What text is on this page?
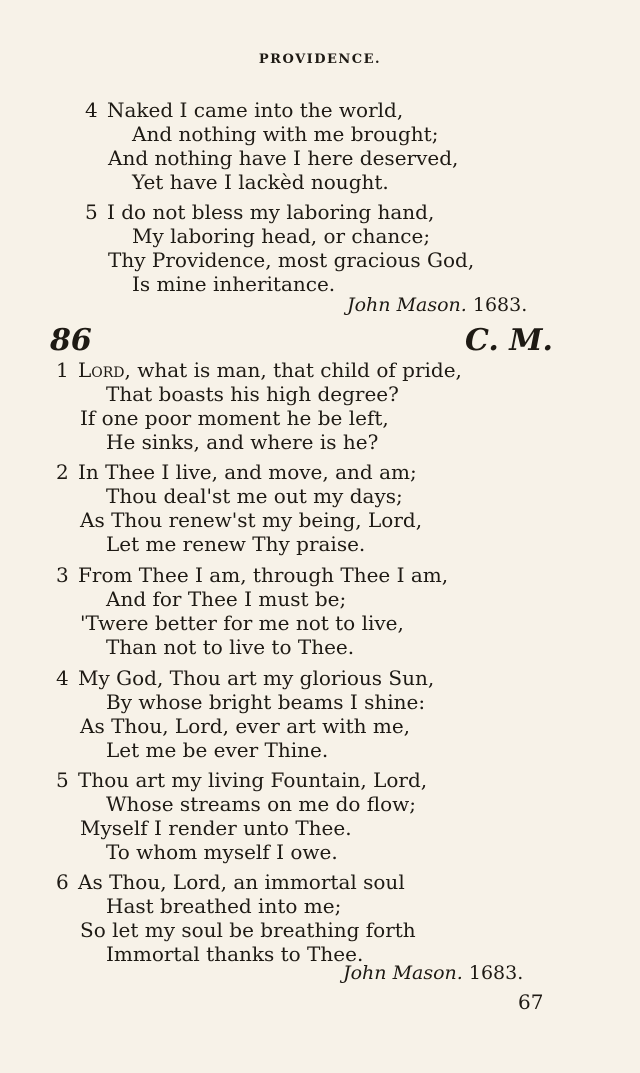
PROVIDENCE.
4 Naked I came into the world,
And nothing with me brought;
And nothing have I here deserved,
Yet have I lackèd nought.
5 I do not bless my laboring hand,
My laboring head, or chance;
Thy Providence, most gracious God,
Is mine inheritance.
John Mason. 1683.
86	C. M.
1 Lord, what is man, that child of pride,
That boasts his high degree?
If one poor moment he be left,
He sinks, and where is he?
2 In Thee I live, and move, and am;
Thou deal'st me out my days;
As Thou renew'st my being, Lord,
Let me renew Thy praise.
3 From Thee I am, through Thee I am,
And for Thee I must be;
'Twere better for me not to live,
Than not to live to Thee.
4 My God, Thou art my glorious Sun,
By whose bright beams I shine:
As Thou, Lord, ever art with me,
Let me be ever Thine.
5 Thou art my living Fountain, Lord,
Whose streams on me do flow;
Myself I render unto Thee.
To whom myself I owe.
6 As Thou, Lord, an immortal soul
Hast breathed into me;
So let my soul be breathing forth
Immortal thanks to Thee.
John Mason. 1683.
67
